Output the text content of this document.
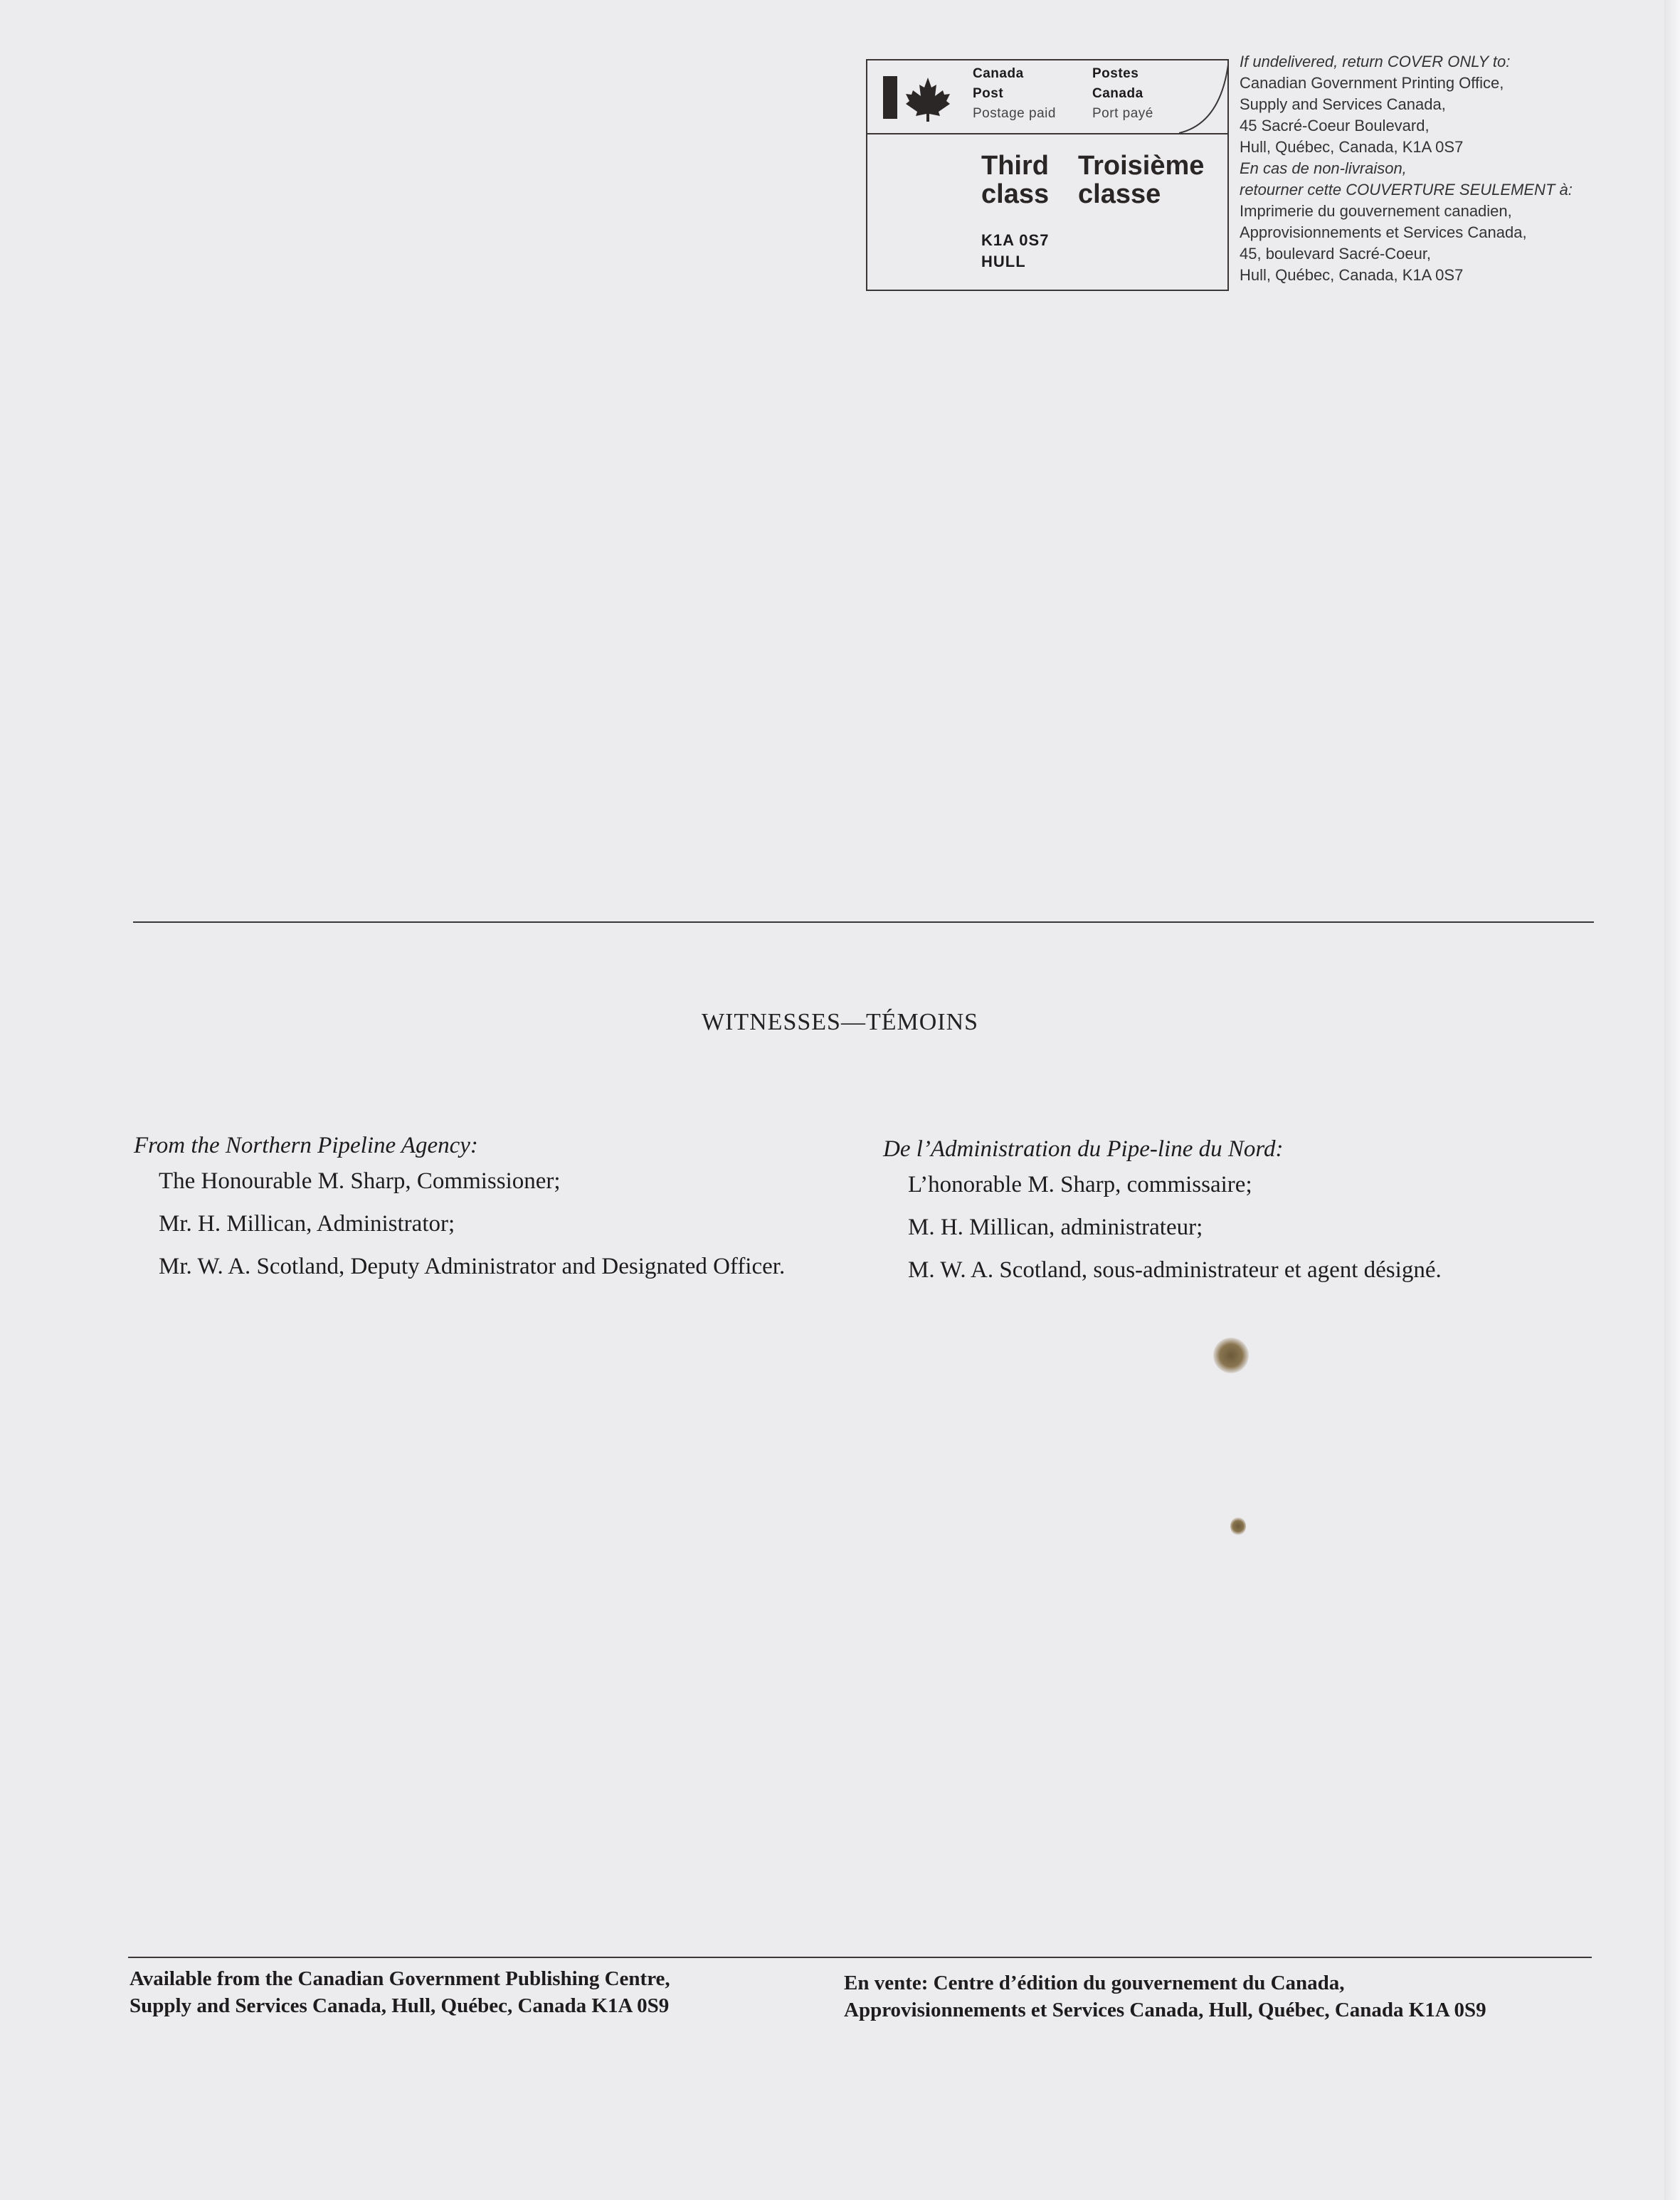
Canada
Post
Postage paid
Postes
Canada
Port payé
Third
class
Troisième
classe
K1A 0S7
HULL
If undelivered, return COVER ONLY to:
Canadian Government Printing Office,
Supply and Services Canada,
45 Sacré-Coeur Boulevard,
Hull, Québec, Canada, K1A 0S7
En cas de non-livraison,
retourner cette COUVERTURE SEULEMENT à:
Imprimerie du gouvernement canadien,
Approvisionnements et Services Canada,
45, boulevard Sacré-Coeur,
Hull, Québec, Canada, K1A 0S7
WITNESSES—TÉMOINS
From the Northern Pipeline Agency:
The Honourable M. Sharp, Commissioner;
Mr. H. Millican, Administrator;
Mr. W. A. Scotland, Deputy Administrator and Designated Officer.
De l’Administration du Pipe-line du Nord:
L’honorable M. Sharp, commissaire;
M. H. Millican, administrateur;
M. W. A. Scotland, sous-administrateur et agent désigné.
Available from the Canadian Government Publishing Centre,
Supply and Services Canada, Hull, Québec, Canada K1A 0S9
En vente: Centre d’édition du gouvernement du Canada,
Approvisionnements et Services Canada, Hull, Québec, Canada K1A 0S9
